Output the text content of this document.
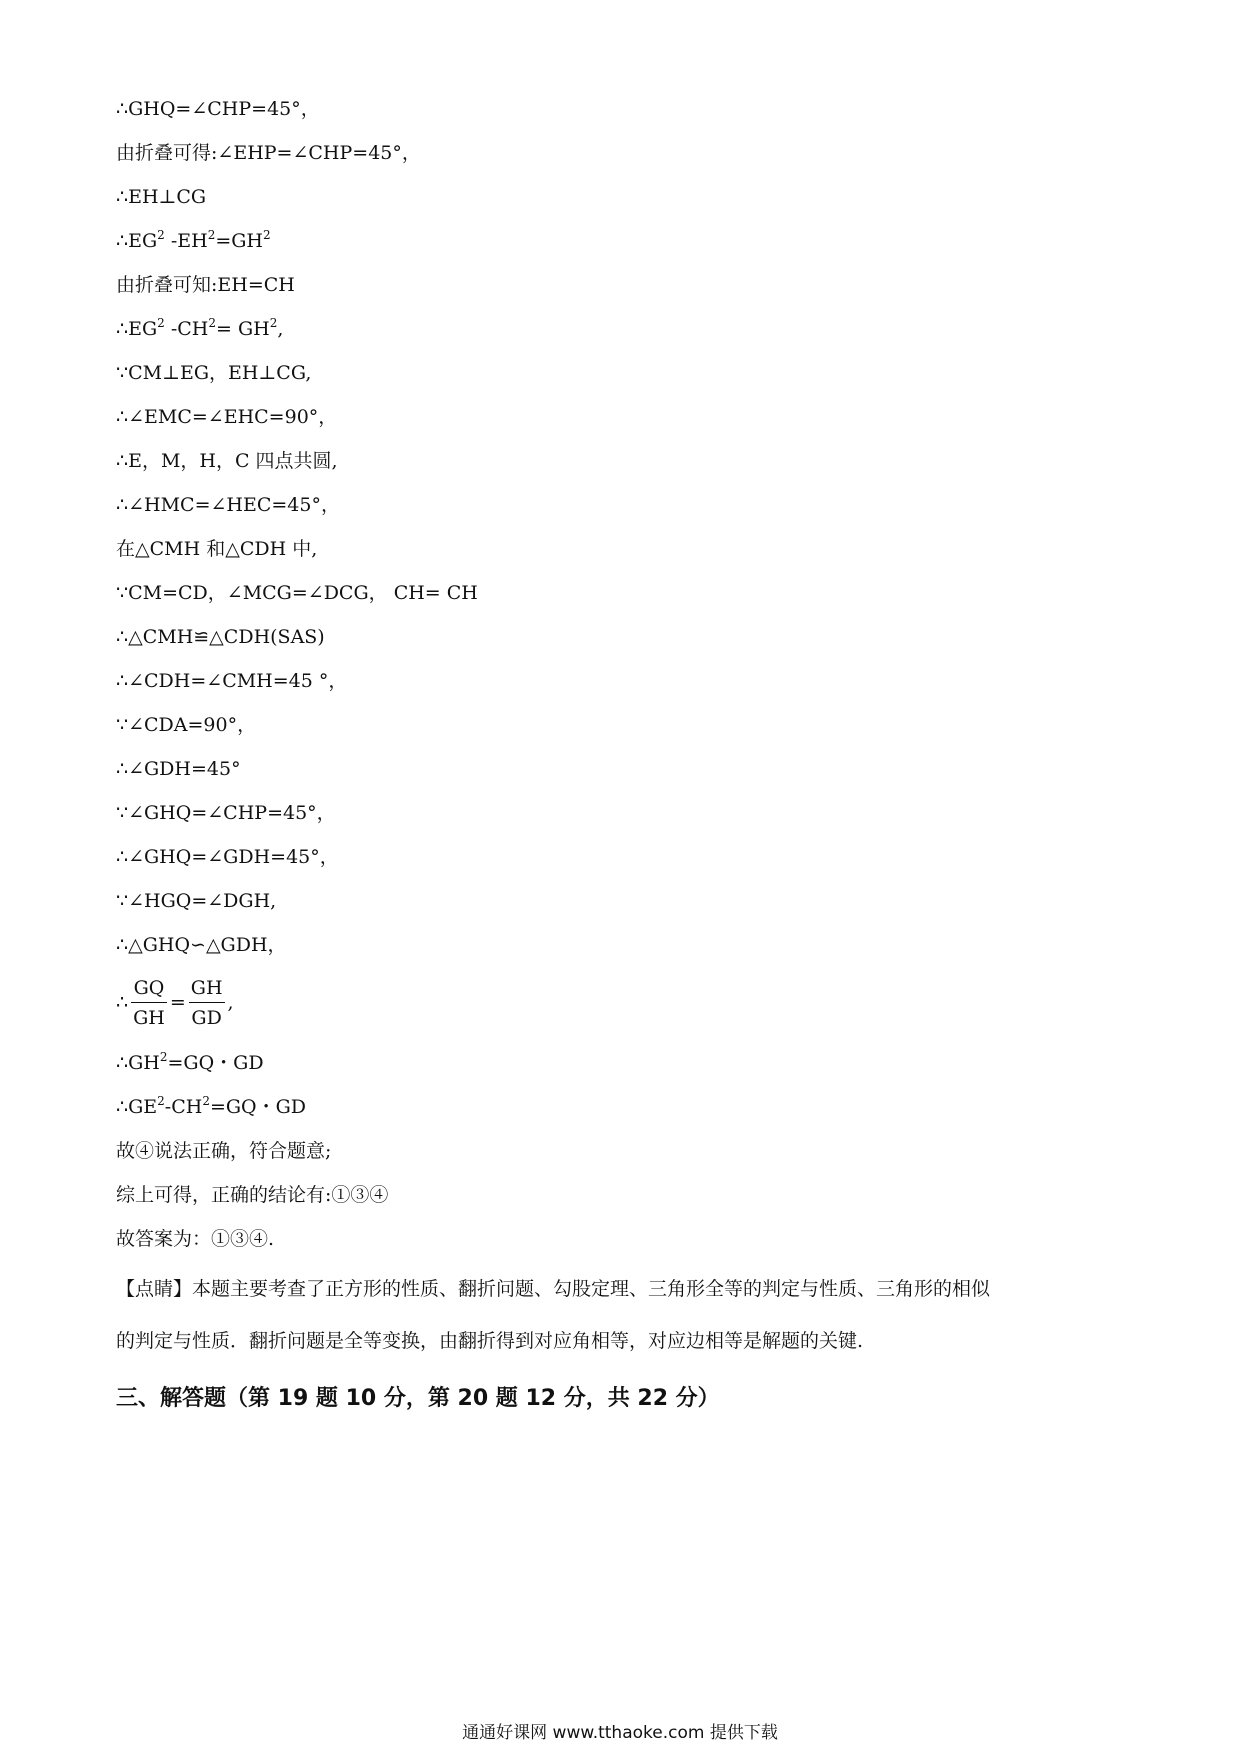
∴GHQ=∠CHP=45°，
由折叠可得:∠EHP=∠CHP=45°，
∴EH⊥CG
$\therefore EG^2$ $-EH^2=GH^2$
由折叠可知:EH=CH
$\therefore EG^2$ $-CH^2= GH^2$,
∵CM⊥EG，EH⊥CG,
∴∠EMC=∠EHC=90°，
∴E，M，H，C 四点共圆,
∴∠HMC=∠HEC=45°，
在△CMH 和△CDH 中,
∵CM=CD，∠MCG=∠DCG， CH= CH
∴△CMH≌△CDH(SAS)
∴∠CDH=∠CMH=45 °，
∵∠CDA=90°，
∴∠GDH=45°
∵∠GHQ=∠CHP=45°，
∴∠GHQ=∠GDH=45°，
∵∠HGQ=∠DGH,
∴△GHQ∽△GDH，
∴ $\frac{GQ}{GH} = \frac{GH}{GD}$ ,
$\therefore GH^2=GQ$・GD
$\therefore GE^2-CH^2=GQ$・GD
故④说法正确，符合题意;
综上可得，正确的结论有:①③④
故答案为：①③④.
【点睛】本题主要考查了正方形的性质、翻折问题、勾股定理、三角形全等的判定与性质、三角形的相似
的判定与性质．翻折问题是全等变换，由翻折得到对应角相等，对应边相等是解题的关键.
三、解答题（第 19 题 10 分，第 20 题 12 分，共 22 分）
通通好课网 www.tthaoke.com 提供下载
